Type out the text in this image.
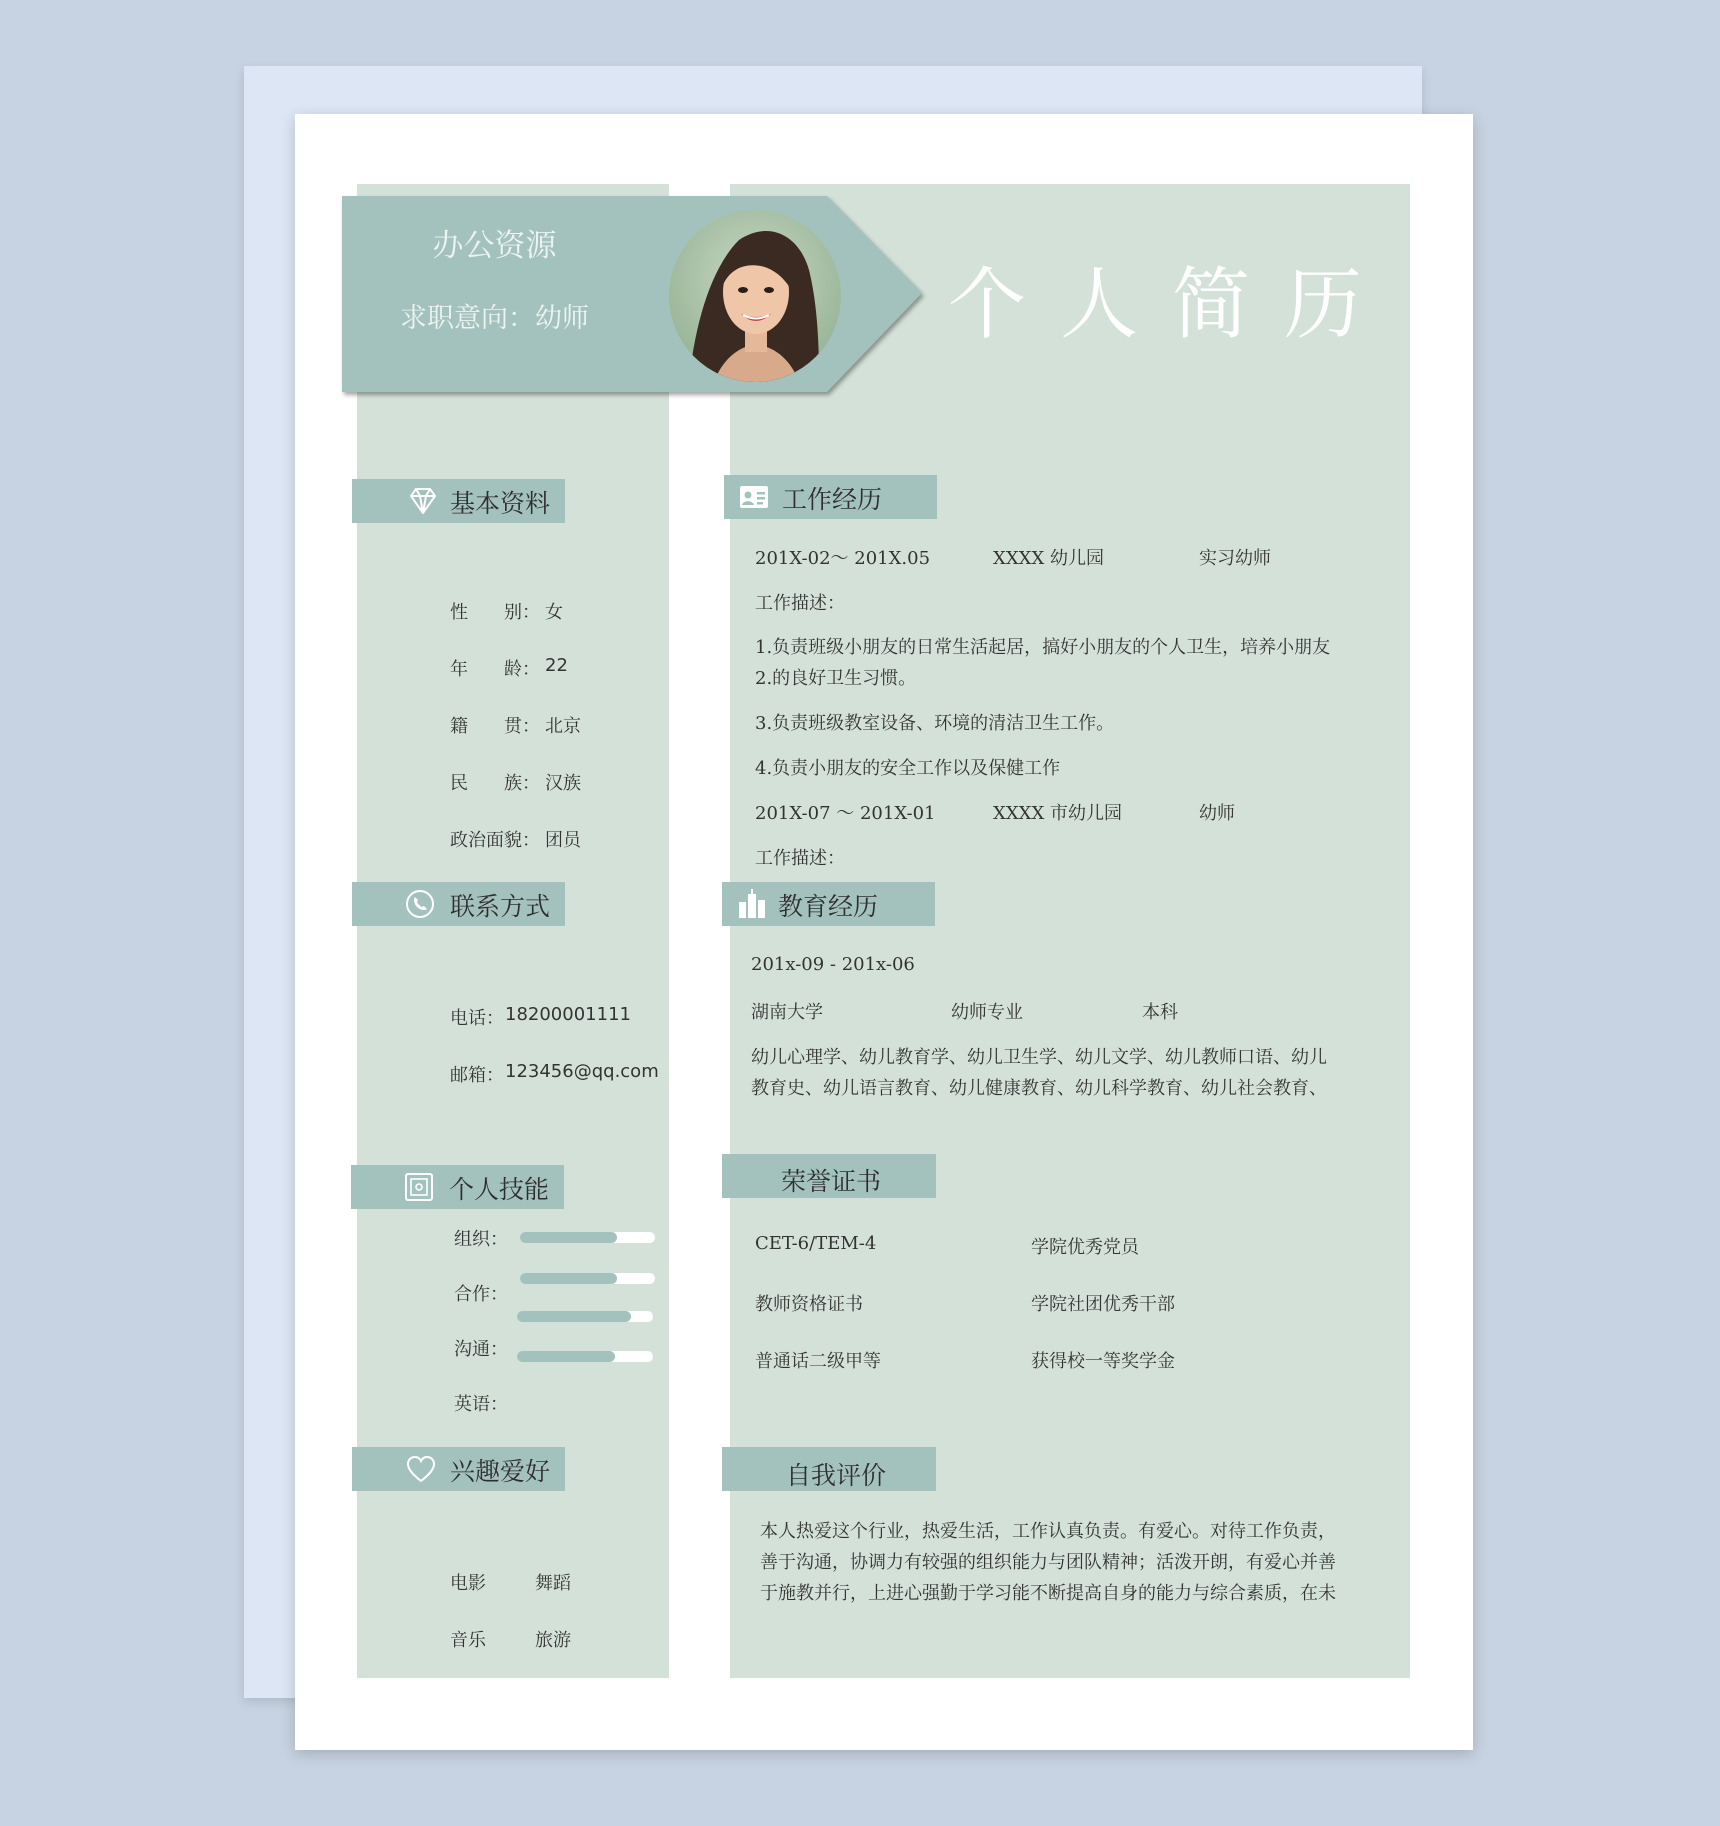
办公资源
求职意向：幼师	个人简历
基本资料
性　　别： 女
年　　龄： 22
籍　　贯： 北京
民　　族： 汉族
政治面貌： 团员
联系方式
电话： 18200001111
邮箱： 123456@qq.com
个人技能
组织：
合作：
沟通：
英语：
兴趣爱好
电影	舞蹈
音乐	旅游
工作经历
201X-02～ 201X.05	XXXX 幼儿园	实习幼师
工作描述：
1.负责班级小朋友的日常生活起居，搞好小朋友的个人卫生，培养小朋友
2.的良好卫生习惯。
3.负责班级教室设备、环境的清洁卫生工作。
4.负责小朋友的安全工作以及保健工作
201X-07 ～ 201X-01	XXXX 市幼儿园	幼师
工作描述：
教育经历
201x-09 - 201x-06
湖南大学	幼师专业	本科
幼儿心理学、幼儿教育学、幼儿卫生学、幼儿文学、幼儿教师口语、幼儿
教育史、幼儿语言教育、幼儿健康教育、幼儿科学教育、幼儿社会教育、
荣誉证书
CET-6/TEM-4	学院优秀党员
教师资格证书	学院社团优秀干部
普通话二级甲等	获得校一等奖学金
自我评价
本人热爱这个行业，热爱生活，工作认真负责。有爱心。对待工作负责，
善于沟通，协调力有较强的组织能力与团队精神；活泼开朗，有爱心并善
于施教并行，上进心强勤于学习能不断提高自身的能力与综合素质，在未
